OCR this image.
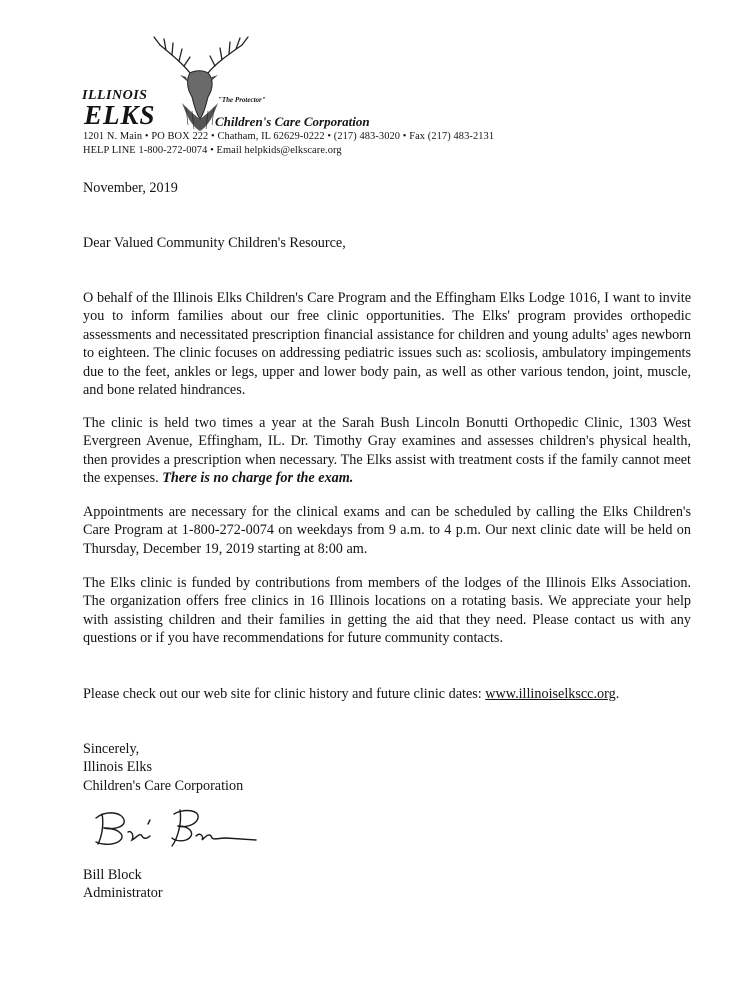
ILLINOIS
ELKS	"The Protector"
Children's Care Corporation
1201 N. Main • PO BOX 222 • Chatham, IL 62629-0222 • (217) 483-3020 • Fax (217) 483-2131
HELP LINE 1-800-272-0074 • Email helpkids@elkscare.org
November, 2019
Dear Valued Community Children's Resource,
O behalf of the Illinois Elks Children's Care Program and the Effingham Elks Lodge 1016, I want to invite you to inform families about our free clinic opportunities. The Elks' program provides orthopedic assessments and necessitated prescription financial assistance for children and young adults' ages newborn to eighteen. The clinic focuses on addressing pediatric issues such as: scoliosis, ambulatory impingements due to the feet, ankles or legs, upper and lower body pain, as well as other various tendon, joint, muscle, and bone related hindrances.
The clinic is held two times a year at the Sarah Bush Lincoln Bonutti Orthopedic Clinic, 1303 West Evergreen Avenue, Effingham, IL. Dr. Timothy Gray examines and assesses children's physical health, then provides a prescription when necessary. The Elks assist with treatment costs if the family cannot meet the expenses. There is no charge for the exam.
Appointments are necessary for the clinical exams and can be scheduled by calling the Elks Children's Care Program at 1-800-272-0074 on weekdays from 9 a.m. to 4 p.m. Our next clinic date will be held on Thursday, December 19, 2019 starting at 8:00 am.
The Elks clinic is funded by contributions from members of the lodges of the Illinois Elks Association. The organization offers free clinics in 16 Illinois locations on a rotating basis. We appreciate your help with assisting children and their families in getting the aid that they need. Please contact us with any questions or if you have recommendations for future community contacts.
Please check out our web site for clinic history and future clinic dates: www.illinoiselkscc.org.
Sincerely,
Illinois Elks
Children's Care Corporation
Bill Block
Administrator
